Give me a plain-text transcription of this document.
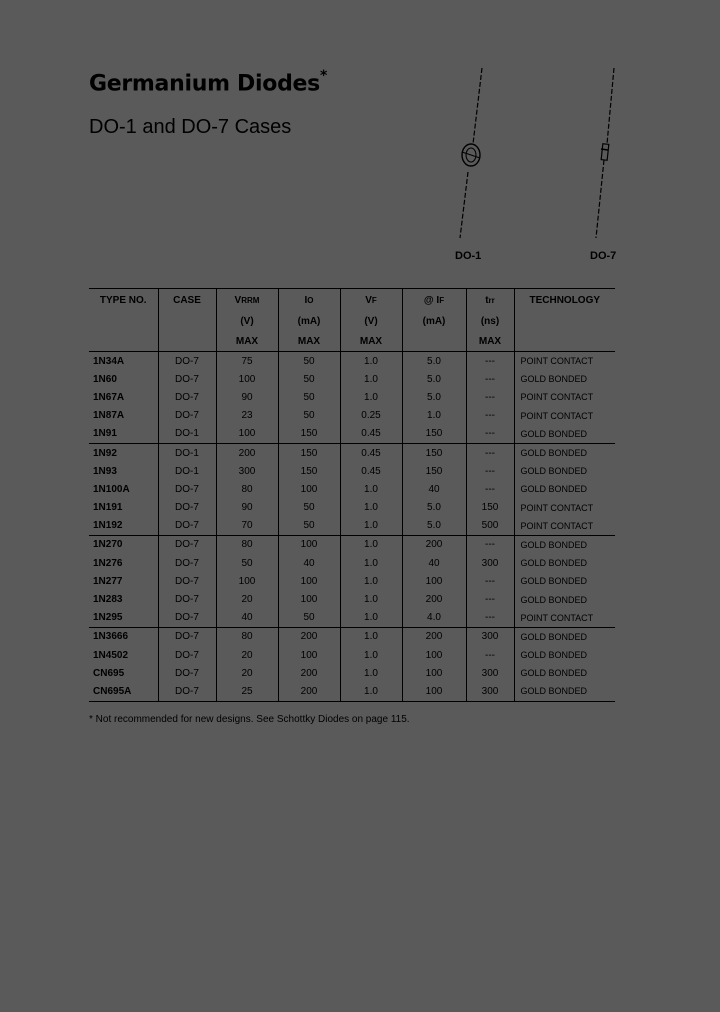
Germanium Diodes*
DO-1 and DO-7 Cases
DO-1	DO-7
TYPE NO.	CASE	VRRM	IO	VF	@ IF	trr	TECHNOLOGY
		(V)	(mA)	(V)	(mA)	(ns)	
		MAX	MAX	MAX		MAX	
1N34A	DO-7	75	50	1.0	5.0	---	POINT CONTACT
1N60	DO-7	100	50	1.0	5.0	---	GOLD BONDED
1N67A	DO-7	90	50	1.0	5.0	---	POINT CONTACT
1N87A	DO-7	23	50	0.25	1.0	---	POINT CONTACT
1N91	DO-1	100	150	0.45	150	---	GOLD BONDED
1N92	DO-1	200	150	0.45	150	---	GOLD BONDED
1N93	DO-1	300	150	0.45	150	---	GOLD BONDED
1N100A	DO-7	80	100	1.0	40	---	GOLD BONDED
1N191	DO-7	90	50	1.0	5.0	150	POINT CONTACT
1N192	DO-7	70	50	1.0	5.0	500	POINT CONTACT
1N270	DO-7	80	100	1.0	200	---	GOLD BONDED
1N276	DO-7	50	40	1.0	40	300	GOLD BONDED
1N277	DO-7	100	100	1.0	100	---	GOLD BONDED
1N283	DO-7	20	100	1.0	200	---	GOLD BONDED
1N295	DO-7	40	50	1.0	4.0	---	POINT CONTACT
1N3666	DO-7	80	200	1.0	200	300	GOLD BONDED
1N4502	DO-7	20	100	1.0	100	---	GOLD BONDED
CN695	DO-7	20	200	1.0	100	300	GOLD BONDED
CN695A	DO-7	25	200	1.0	100	300	GOLD BONDED

* Not recommended for new designs. See Schottky Diodes on page 115.
